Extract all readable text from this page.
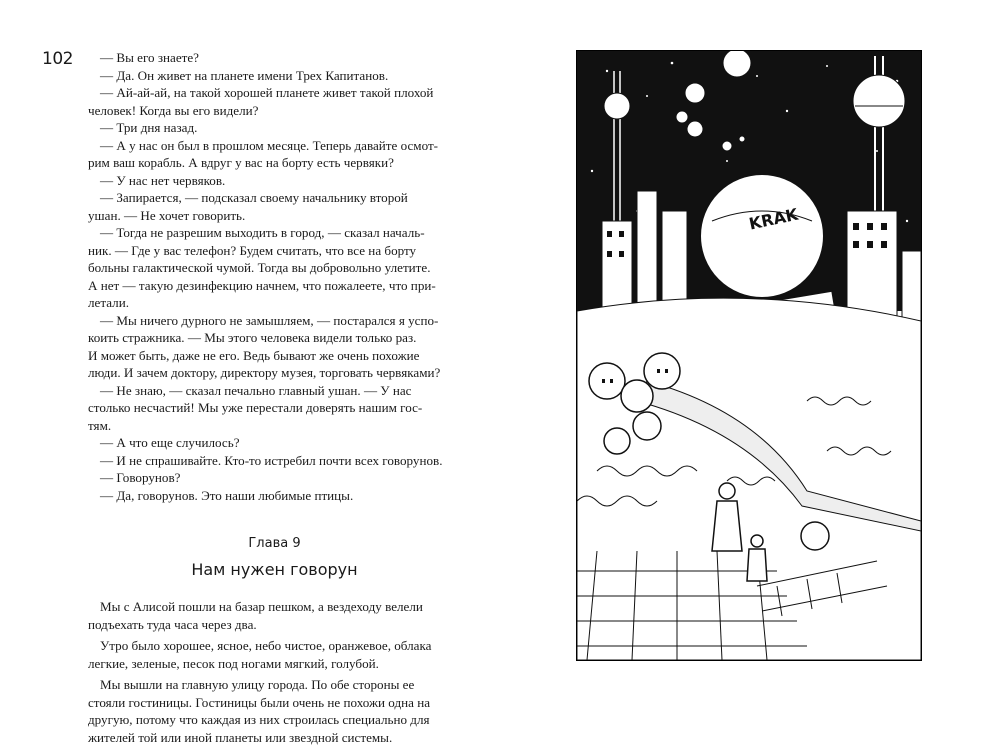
102	— Вы его знаете?

— Да. Он живет на планете имени Трех Капитанов.

— Ай-ай-ай, на такой хорошей планете живет такой плохой

человек! Когда вы его видели?

— Три дня назад.

— А у нас он был в прошлом месяце. Теперь давайте осмот-

рим ваш корабль. А вдруг у вас на борту есть червяки?

— У нас нет червяков.

— Запирается, — подсказал своему начальнику второй

ушан. — Не хочет говорить.

— Тогда не разрешим выходить в город, — сказал началь-

ник. — Где у вас телефон? Будем считать, что все на борту

больны галактической чумой. Тогда вы добровольно улетите.

А нет — такую дезинфекцию начнем, что пожалеете, что при-

летали.

— Мы ничего дурного не замышляем, — постарался я успо-

коить стражника. — Мы этого человека видели только раз.

И может быть, даже не его. Ведь бывают же очень похожие

люди. И зачем доктору, директору музея, торговать червяками?

— Не знаю, — сказал печально главный ушан. — У нас

столько несчастий! Мы уже перестали доверять нашим гос-

тям.

— А что еще случилось?

— И не спрашивайте. Кто-то истребил почти всех говорунов.

— Говорунов?

— Да, говорунов. Это наши любимые птицы.

Глава 9
Нам нужен говорун

Мы с Алисой пошли на базар пешком, а вездеходу велели

подъехать туда часа через два.

Утро было хорошее, ясное, небо чистое, оранжевое, облака

легкие, зеленые, песок под ногами мягкий, голубой.

Мы вышли на главную улицу города. По обе стороны ее

стояли гостиницы. Гостиницы были очень не похожи одна на

другую, потому что каждая из них строилась специально для

жителей той или иной планеты или звездной системы.

KRAK
